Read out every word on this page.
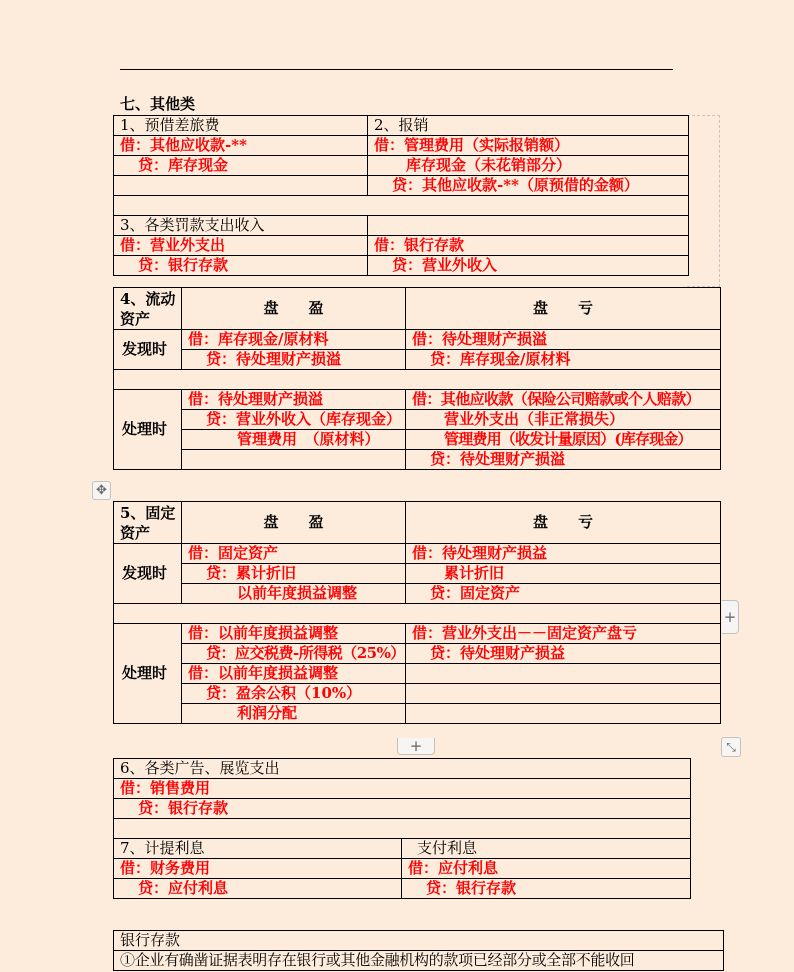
七、其他类
1、预借差旅费	2、报销
借：其他应收款-**	借：管理费用（实际报销额）
贷：库存现金	库存现金（未花销部分）
	贷：其他应收款-**（原预借的金额）

3、各类罚款支出收入	
借：营业外支出	借：银行存款
贷：银行存款	贷：营业外收入
4、流动
资产	盘　　盈	盘　　亏
发现时	借：库存现金/原材料	借：待处理财产损溢
	贷：待处理财产损溢	贷：库存现金/原材料

处理时	借：待处理财产损溢	借：其他应收款（保险公司赔款或个人赔款）
	贷：营业外收入（库存现金）	营业外支出（非正常损失）
	管理费用　（原材料）	管理费用（收发计量原因）(库存现金）
		贷：待处理财产损溢
✥
5、固定
资产	盘　　盈	盘　　亏
发现时	借：固定资产	借：待处理财产损益
	贷：累计折旧	累计折旧
	以前年度损益调整	贷：固定资产

处理时	借：以前年度损益调整	借：营业外支出－－固定资产盘亏
	贷：应交税费-所得税（25%）	贷：待处理财产损益
	借：以前年度损益调整	
	贷：盈余公积（10%）	
	利润分配	
+
+	⤡
6、各类广告、展览支出	
借：销售费用	
贷：银行存款	

7、计提利息	支付利息
借：财务费用	借：应付利息
贷：应付利息	贷：银行存款
银行存款
①企业有确凿证据表明存在银行或其他金融机构的款项已经部分或全部不能收回
